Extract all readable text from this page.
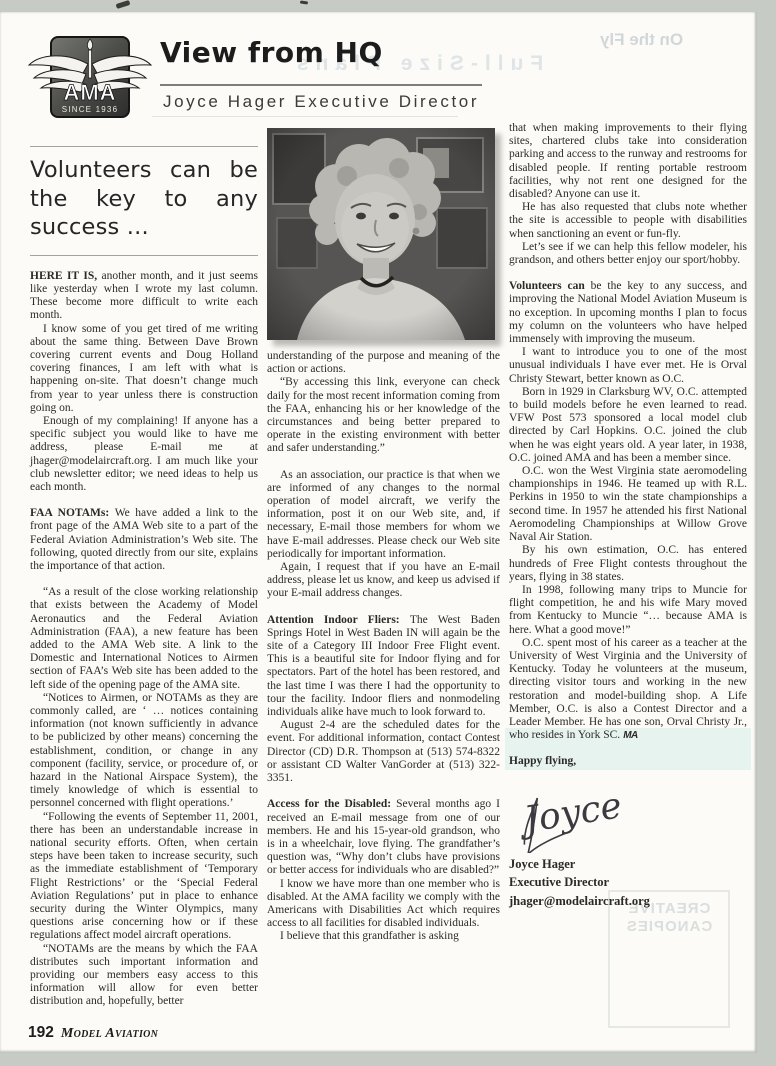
Full-Size Plans
On the Fly
CREATIVE CANOPIES
AMA
SINCE 1936
View from HQ
Joyce Hager Executive Director
Volunteers can be the key to any success ...

HERE IT IS, another month, and it just seems like yesterday when I wrote my last column. These become more difficult to write each month.

I know some of you get tired of me writing about the same thing. Between Dave Brown covering current events and Doug Holland covering finances, I am left with what is happening on-site. That doesn’t change much from year to year unless there is construction going on.

Enough of my complaining! If anyone has a specific subject you would like to have me address, please E-mail me at jhager@modelaircraft.org. I am much like your club newsletter editor; we need ideas to help us each month.

FAA NOTAMs: We have added a link to the front page of the AMA Web site to a part of the Federal Aviation Administration’s Web site. The following, quoted directly from our site, explains the importance of that action.

“As a result of the close working relationship that exists between the Academy of Model Aeronautics and the Federal Aviation Administration (FAA), a new feature has been added to the AMA Web site. A link to the Domestic and International Notices to Airmen section of FAA’s Web site has been added to the left side of the opening page of the AMA site.

“Notices to Airmen, or NOTAMs as they are commonly called, are ‘ … notices containing information (not known sufficiently in advance to be publicized by other means) concerning the establishment, condition, or change in any component (facility, service, or procedure of, or hazard in the National Airspace System), the timely knowledge of which is essential to personnel concerned with flight operations.’

“Following the events of September 11, 2001, there has been an understandable increase in national security efforts. Often, when certain steps have been taken to increase security, such as the immediate establishment of ‘Temporary Flight Restrictions’ or the ‘Special Federal Aviation Regulations’ put in place to enhance security during the Winter Olympics, many questions arise concerning how or if these regulations affect model aircraft operations.

“NOTAMs are the means by which the FAA distributes such important information and providing our members easy access to this information will allow for even better distribution and, hopefully, better

understanding of the purpose and meaning of the action or actions.

“By accessing this link, everyone can check daily for the most recent information coming from the FAA, enhancing his or her knowledge of the circumstances and being better prepared to operate in the existing environment with better and safer understanding.”

As an association, our practice is that when we are informed of any changes to the normal operation of model aircraft, we verify the information, post it on our Web site, and, if necessary, E-mail those members for whom we have E-mail addresses. Please check our Web site periodically for important information.

Again, I request that if you have an E-mail address, please let us know, and keep us advised if your E-mail address changes.

Attention Indoor Fliers: The West Baden Springs Hotel in West Baden IN will again be the site of a Category III Indoor Free Flight event. This is a beautiful site for Indoor flying and for spectators. Part of the hotel has been restored, and the last time I was there I had the opportunity to tour the facility. Indoor fliers and nonmodeling individuals alike have much to look forward to.

August 2-4 are the scheduled dates for the event. For additional information, contact Contest Director (CD) D.R. Thompson at (513) 574-8322 or assistant CD Walter VanGorder at (513) 322-3351.

Access for the Disabled: Several months ago I received an E-mail message from one of our members. He and his 15-year-old grandson, who is in a wheelchair, love flying. The grandfather’s question was, “Why don’t clubs have provisions or better access for individuals who are disabled?”

I know we have more than one member who is disabled. At the AMA facility we comply with the Americans with Disabilities Act which requires access to all facilities for disabled individuals.

I believe that this grandfather is asking

that when making improvements to their flying sites, chartered clubs take into consideration parking and access to the runway and restrooms for disabled people. If renting portable restroom facilities, why not rent one designed for the disabled? Anyone can use it.

He has also requested that clubs note whether the site is accessible to people with disabilities when sanctioning an event or fun-fly.

Let’s see if we can help this fellow modeler, his grandson, and others better enjoy our sport/hobby.

Volunteers can be the key to any success, and improving the National Model Aviation Museum is no exception. In upcoming months I plan to focus my column on the volunteers who have helped immensely with improving the museum.

I want to introduce you to one of the most unusual individuals I have ever met. He is Orval Christy Stewart, better known as O.C.

Born in 1929 in Clarksburg WV, O.C. attempted to build models before he even learned to read. VFW Post 573 sponsored a local model club directed by Carl Hopkins. O.C. joined the club when he was eight years old. A year later, in 1938, O.C. joined AMA and has been a member since.

O.C. won the West Virginia state aeromodeling championships in 1946. He teamed up with R.L. Perkins in 1950 to win the state championships a second time. In 1957 he attended his first National Aeromodeling Championships at Willow Grove Naval Air Station.

By his own estimation, O.C. has entered hundreds of Free Flight contests throughout the years, flying in 38 states.

In 1998, following many trips to Muncie for flight competition, he and his wife Mary moved from Kentucky to Muncie “… because AMA is here. What a good move!”

O.C. spent most of his career as a teacher at the University of West Virginia and the University of Kentucky. Today he volunteers at the museum, directing visitor tours and working in the new restoration and model-building shop. A Life Member, O.C. is also a Contest Director and a Leader Member. He has one son, Orval Christy Jr., who resides in York SC. MA

Happy flying,

Joyce
Joyce Hager
Executive Director
jhager@modelaircraft.org
192 Model Aviation
